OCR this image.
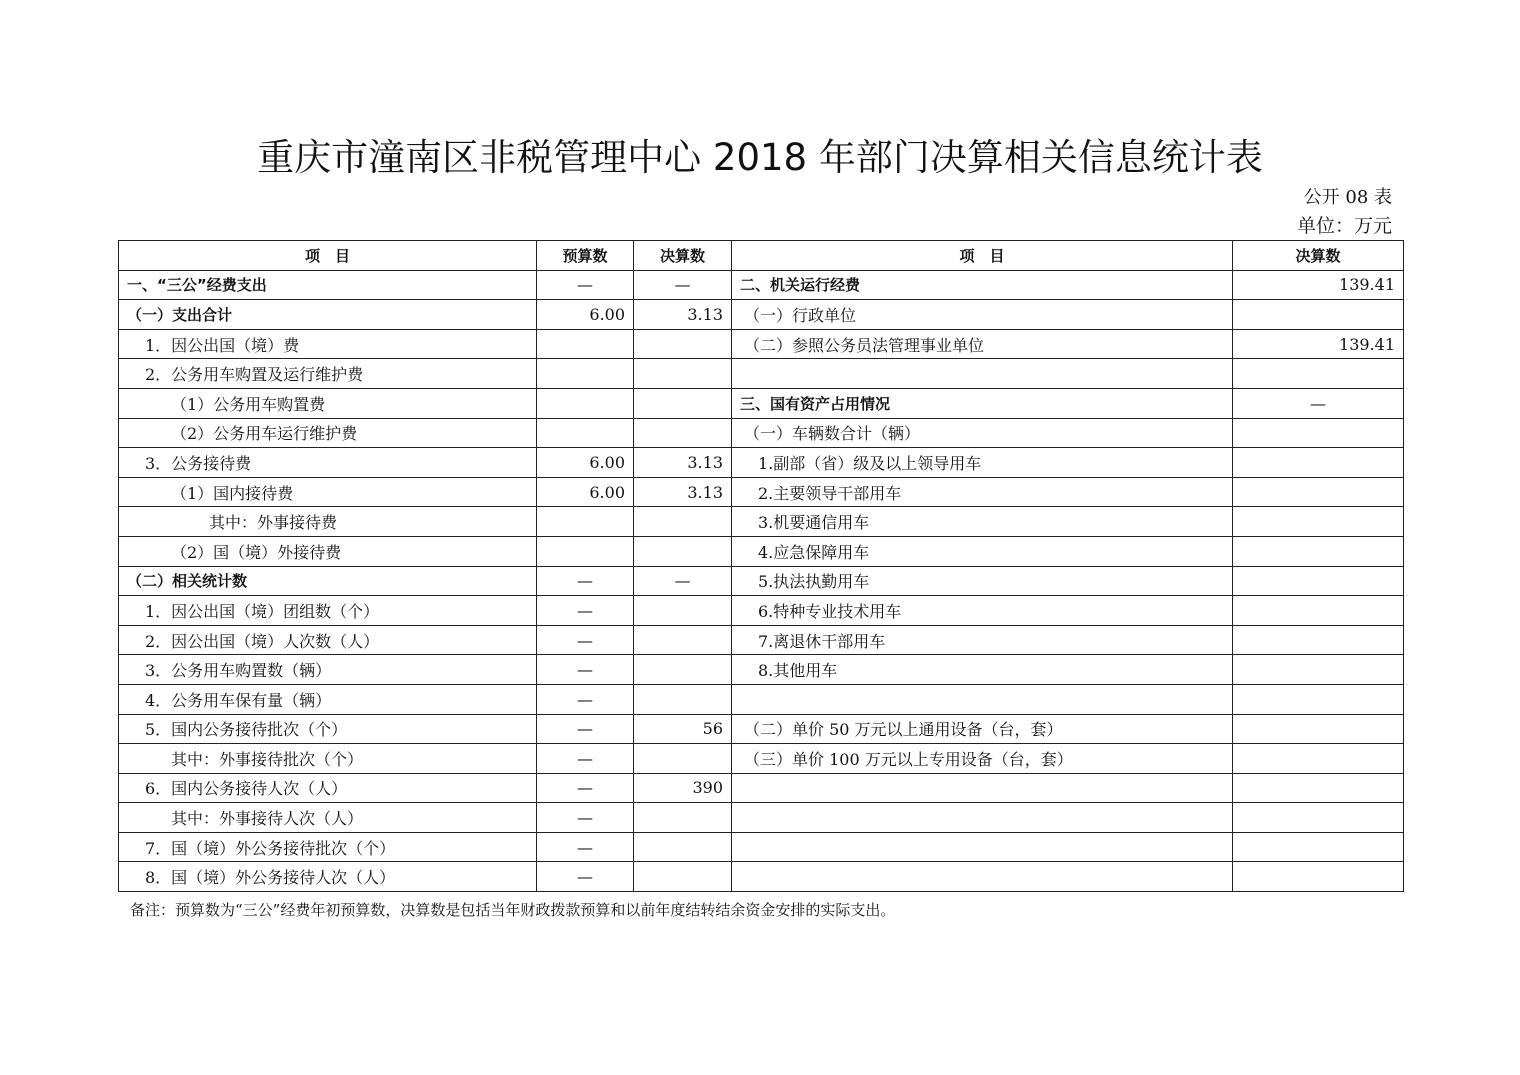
重庆市潼南区非税管理中心 2018 年部门决算相关信息统计表
公开 08 表
单位：万元
项　目	预算数	决算数	项　目	决算数
一、“三公”经费支出	—	—	二、机关运行经费	139.41
（一）支出合计	6.00	3.13	（一）行政单位	
1．因公出国（境）费			（二）参照公务员法管理事业单位	139.41
2．公务用车购置及运行维护费				
（1）公务用车购置费			三、国有资产占用情况	—
（2）公务用车运行维护费			（一）车辆数合计（辆）	
3．公务接待费	6.00	3.13	1.副部（省）级及以上领导用车	
（1）国内接待费	6.00	3.13	2.主要领导干部用车	
其中：外事接待费			3.机要通信用车	
（2）国（境）外接待费			4.应急保障用车	
（二）相关统计数	—	—	5.执法执勤用车	
1．因公出国（境）团组数（个）	—		6.特种专业技术用车	
2．因公出国（境）人次数（人）	—		7.离退休干部用车	
3．公务用车购置数（辆）	—		8.其他用车	
4．公务用车保有量（辆）	—			
5．国内公务接待批次（个）	—	56	（二）单价 50 万元以上通用设备（台，套）	
其中：外事接待批次（个）	—		（三）单价 100 万元以上专用设备（台，套）	
6．国内公务接待人次（人）	—	390		
其中：外事接待人次（人）	—			
7．国（境）外公务接待批次（个）	—			
8．国（境）外公务接待人次（人）	—			
备注：预算数为“三公”经费年初预算数，决算数是包括当年财政拨款预算和以前年度结转结余资金安排的实际支出。
